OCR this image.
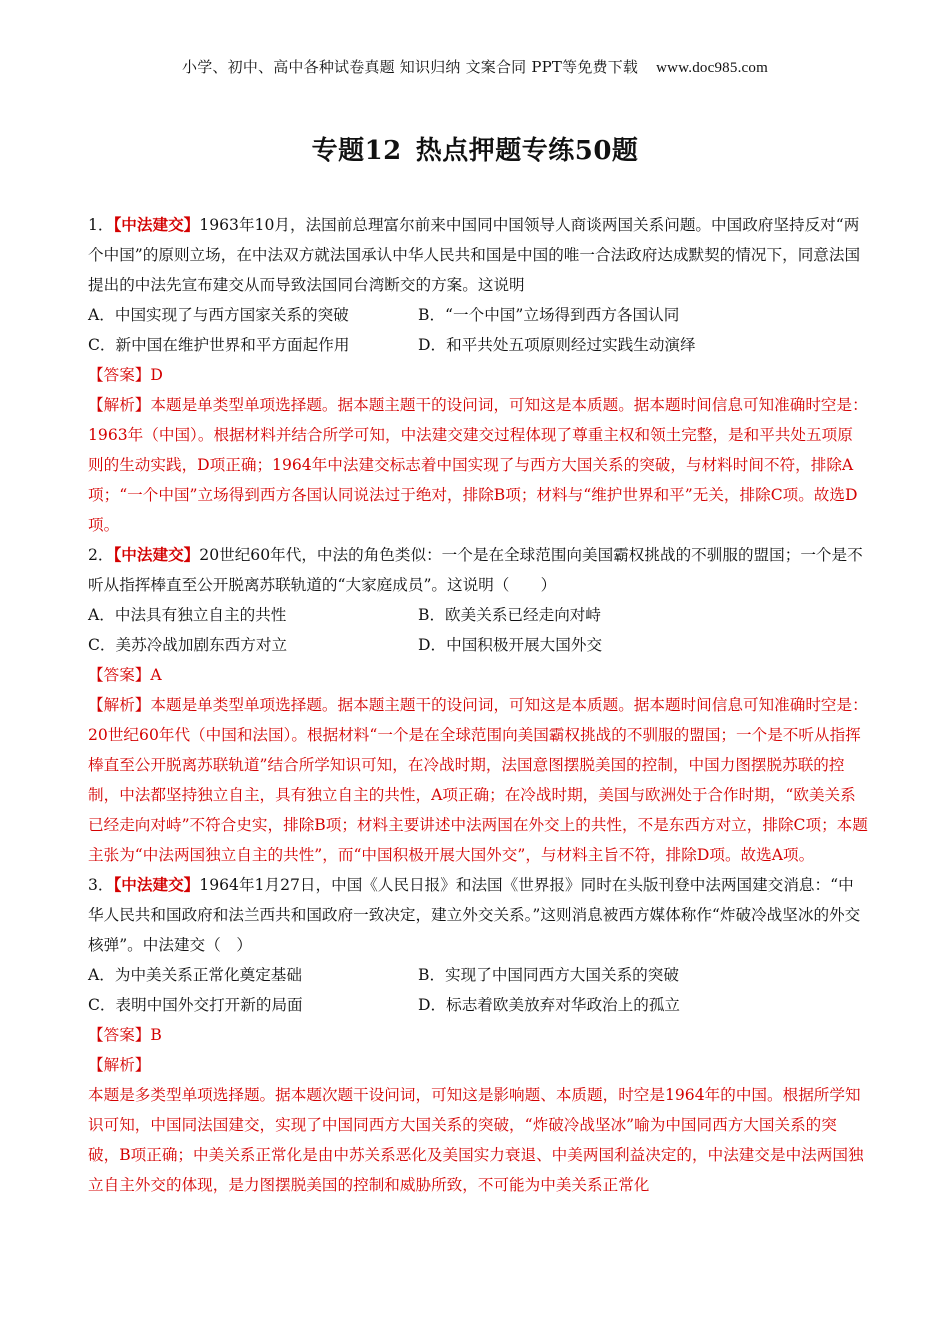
小学、初中、高中各种试卷真题 知识归纳 文案合同 PPT等免费下载 www.doc985.com
专题12 热点押题专练50题

1．【中法建交】1963年10月，法国前总理富尔前来中国同中国领导人商谈两国关系问题。中国政府坚持反对“两个中国”的原则立场，在中法双方就法国承认中华人民共和国是中国的唯一合法政府达成默契的情况下，同意法国提出的中法先宣布建交从而导致法国同台湾断交的方案。这说明

A．中国实现了与西方国家关系的突破	B．“一个中国”立场得到西方各国认同
C．新中国在维护世界和平方面起作用	D．和平共处五项原则经过实践生动演绎
【答案】D
【解析】本题是单类型单项选择题。据本题主题干的设问词，可知这是本质题。据本题时间信息可知准确时空是：1963年（中国）。根据材料并结合所学可知，中法建交建交过程体现了尊重主权和领土完整，是和平共处五项原则的生动实践，D项正确；1964年中法建交标志着中国实现了与西方大国关系的突破，与材料时间不符，排除A项；“一个中国”立场得到西方各国认同说法过于绝对，排除B项；材料与“维护世界和平”无关，排除C项。故选D项。

2．【中法建交】20世纪60年代，中法的角色类似：一个是在全球范围向美国霸权挑战的不驯服的盟国；一个是不听从指挥棒直至公开脱离苏联轨道的“大家庭成员”。这说明（　　）

A．中法具有独立自主的共性	B．欧美关系已经走向对峙
C．美苏冷战加剧东西方对立	D．中国积极开展大国外交
【答案】A
【解析】本题是单类型单项选择题。据本题主题干的设问词，可知这是本质题。据本题时间信息可知准确时空是：20世纪60年代（中国和法国）。根据材料“一个是在全球范围向美国霸权挑战的不驯服的盟国；一个是不听从指挥棒直至公开脱离苏联轨道”结合所学知识可知，在冷战时期，法国意图摆脱美国的控制，中国力图摆脱苏联的控制，中法都坚持独立自主，具有独立自主的共性，A项正确；在冷战时期，美国与欧洲处于合作时期，“欧美关系已经走向对峙”不符合史实，排除B项；材料主要讲述中法两国在外交上的共性，不是东西方对立，排除C项；本题主张为“中法两国独立自主的共性”，而“中国积极开展大国外交”，与材料主旨不符，排除D项。故选A项。

3．【中法建交】1964年1月27日，中国《人民日报》和法国《世界报》同时在头版刊登中法两国建交消息：“中华人民共和国政府和法兰西共和国政府一致决定，建立外交关系。”这则消息被西方媒体称作“炸破冷战坚冰的外交核弹”。中法建交（　）

A．为中美关系正常化奠定基础	B．实现了中国同西方大国关系的突破
C．表明中国外交打开新的局面	D．标志着欧美放弃对华政治上的孤立
【答案】B
【解析】
本题是多类型单项选择题。据本题次题干设问词，可知这是影响题、本质题，时空是1964年的中国。根据所学知识可知，中国同法国建交，实现了中国同西方大国关系的突破，“炸破冷战坚冰”喻为中国同西方大国关系的突破，B项正确；中美关系正常化是由中苏关系恶化及美国实力衰退、中美两国利益决定的，中法建交是中法两国独立自主外交的体现，是力图摆脱美国的控制和威胁所致，不可能为中美关系正常化
